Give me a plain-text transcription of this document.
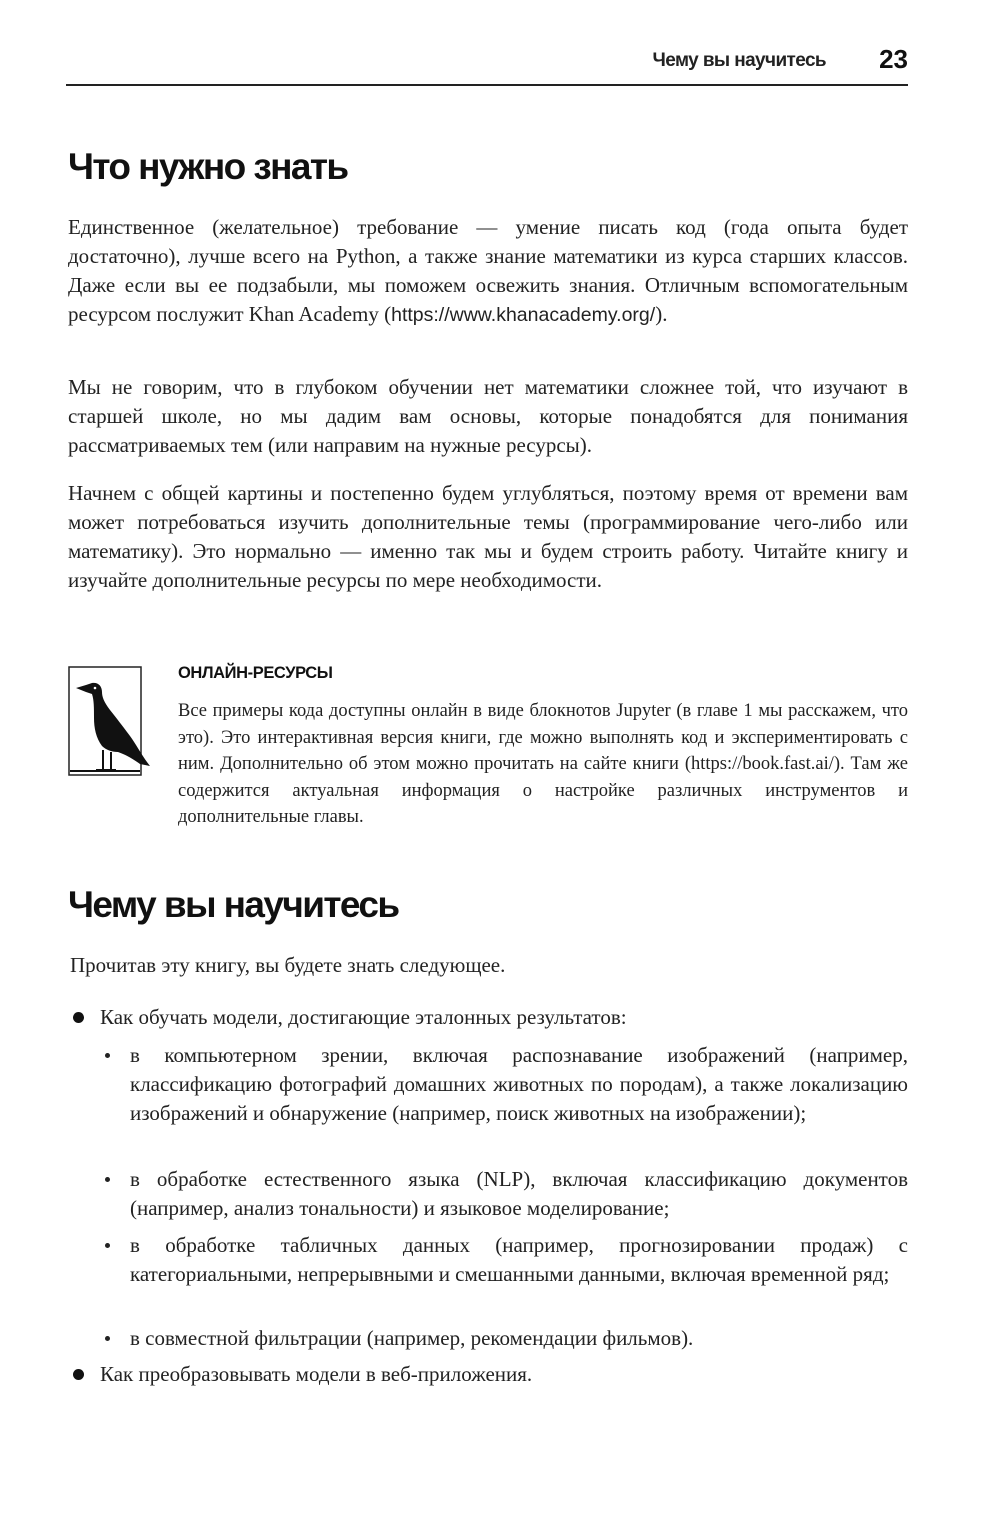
Чему вы научитесь 23
Что нужно знать

Единственное (желательное) требование — умение писать код (года опыта будет достаточно), лучше всего на Python, а также знание математики из курса старших классов. Даже если вы ее подзабыли, мы поможем освежить знания. Отличным вспомогательным ресурсом послужит Khan Academy (https://www.khanacademy.org/).

Мы не говорим, что в глубоком обучении нет математики сложнее той, что изучают в старшей школе, но мы дадим вам основы, которые понадобятся для понимания рассматриваемых тем (или направим на нужные ресурсы).

Начнем с общей картины и постепенно будем углубляться, поэтому время от времени вам может потребоваться изучить дополнительные темы (программирование чего-либо или математику). Это нормально — именно так мы и будем строить работу. Читайте книгу и изучайте дополнительные ресурсы по мере необходимости.

ОНЛАЙН-РЕСУРСЫ

Все примеры кода доступны онлайн в виде блокнотов Jupyter (в главе 1 мы расскажем, что это). Это интерактивная версия книги, где можно выполнять код и экспериментировать с ним. Дополнительно об этом можно прочитать на сайте книги (https://book.fast.ai/). Там же содержится актуальная информация о настройке различных инструментов и дополнительные главы.

Чему вы научитесь

Прочитав эту книгу, вы будете знать следующее.

Как обучать модели, достигающие эталонных результатов:

в компьютерном зрении, включая распознавание изображений (например, классификацию фотографий домашних животных по породам), а также локализацию изображений и обнаружение (например, поиск животных на изображении);

в обработке естественного языка (NLP), включая классификацию документов (например, анализ тональности) и языковое моделирование;

в обработке табличных данных (например, прогнозировании продаж) с категориальными, непрерывными и смешанными данными, включая временной ряд;

в совместной фильтрации (например, рекомендации фильмов).

Как преобразовывать модели в веб-приложения.
